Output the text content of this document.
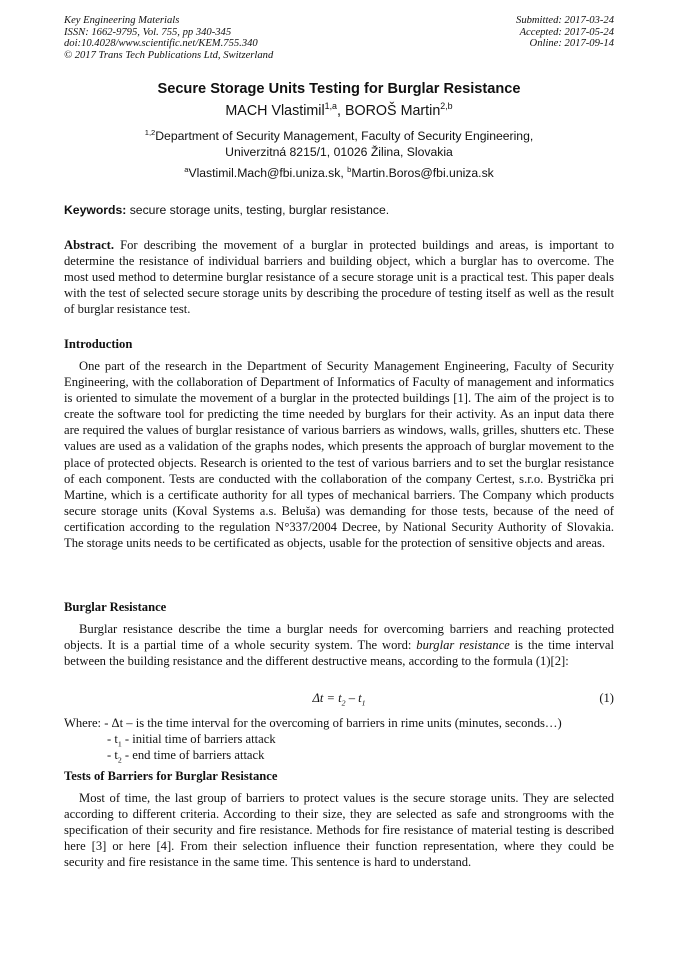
Key Engineering Materials
ISSN: 1662-9795, Vol. 755, pp 340-345
doi:10.4028/www.scientific.net/KEM.755.340
© 2017 Trans Tech Publications Ltd, Switzerland
Submitted: 2017-03-24
Accepted: 2017-05-24
Online: 2017-09-14
Secure Storage Units Testing for Burglar Resistance
MACH Vlastimil$^{1,a}$, BOROŠ Martin$^{2,b}$
$^{1,2}$Department of Security Management, Faculty of Security Engineering,
Univerzitná 8215/1, 01026 Žilina, Slovakia
$^a$Vlastimil.Mach@fbi.uniza.sk, $^b$Martin.Boros@fbi.uniza.sk
Keywords: secure storage units, testing, burglar resistance.
Abstract. For describing the movement of a burglar in protected buildings and areas, is important to determine the resistance of individual barriers and building object, which a burglar has to overcome. The most used method to determine burglar resistance of a secure storage unit is a practical test. This paper deals with the test of selected secure storage units by describing the procedure of testing itself as well as the result of burglar resistance test.
Introduction
One part of the research in the Department of Security Management Engineering, Faculty of Security Engineering, with the collaboration of Department of Informatics of Faculty of management and informatics is oriented to simulate the movement of a burglar in the protected buildings [1]. The aim of the project is to create the software tool for predicting the time needed by burglars for their activity. As an input data there are required the values of burglar resistance of various barriers as windows, walls, grilles, shutters etc. These values are used as a validation of the graphs nodes, which presents the approach of burglar movement to the place of protected objects. Research is oriented to the test of various barriers and to set the burglar resistance of each component. Tests are conducted with the collaboration of the company Certest, s.r.o. Bystrička pri Martine, which is a certificate authority for all types of mechanical barriers. The Company which products secure storage units (Koval Systems a.s. Beluša) was demanding for those tests, because of the need of certification according to the regulation N°337/2004 Decree, by National Security Authority of Slovakia. The storage units needs to be certificated as objects, usable for the protection of sensitive objects and areas.
Burglar Resistance
Burglar resistance describe the time a burglar needs for overcoming barriers and reaching protected objects. It is a partial time of a whole security system. The word: burglar resistance is the time interval between the building resistance and the different destructive means, according to the formula (1)[2]:
$\Delta t = t_2 - t_1$	(1)
Where: - Δt – is the time interval for the overcoming of barriers in rime units (minutes, seconds…)
- $t_1$ - initial time of barriers attack
- $t_2$ - end time of barriers attack
Tests of Barriers for Burglar Resistance
Most of time, the last group of barriers to protect values is the secure storage units. They are selected according to different criteria. According to their size, they are selected as safe and strongrooms with the specification of their security and fire resistance. Methods for fire resistance of material testing is described here [3] or here [4]. From their selection influence their function representation, where they could be security and fire resistance in the same time. This sentence is hard to understand.
